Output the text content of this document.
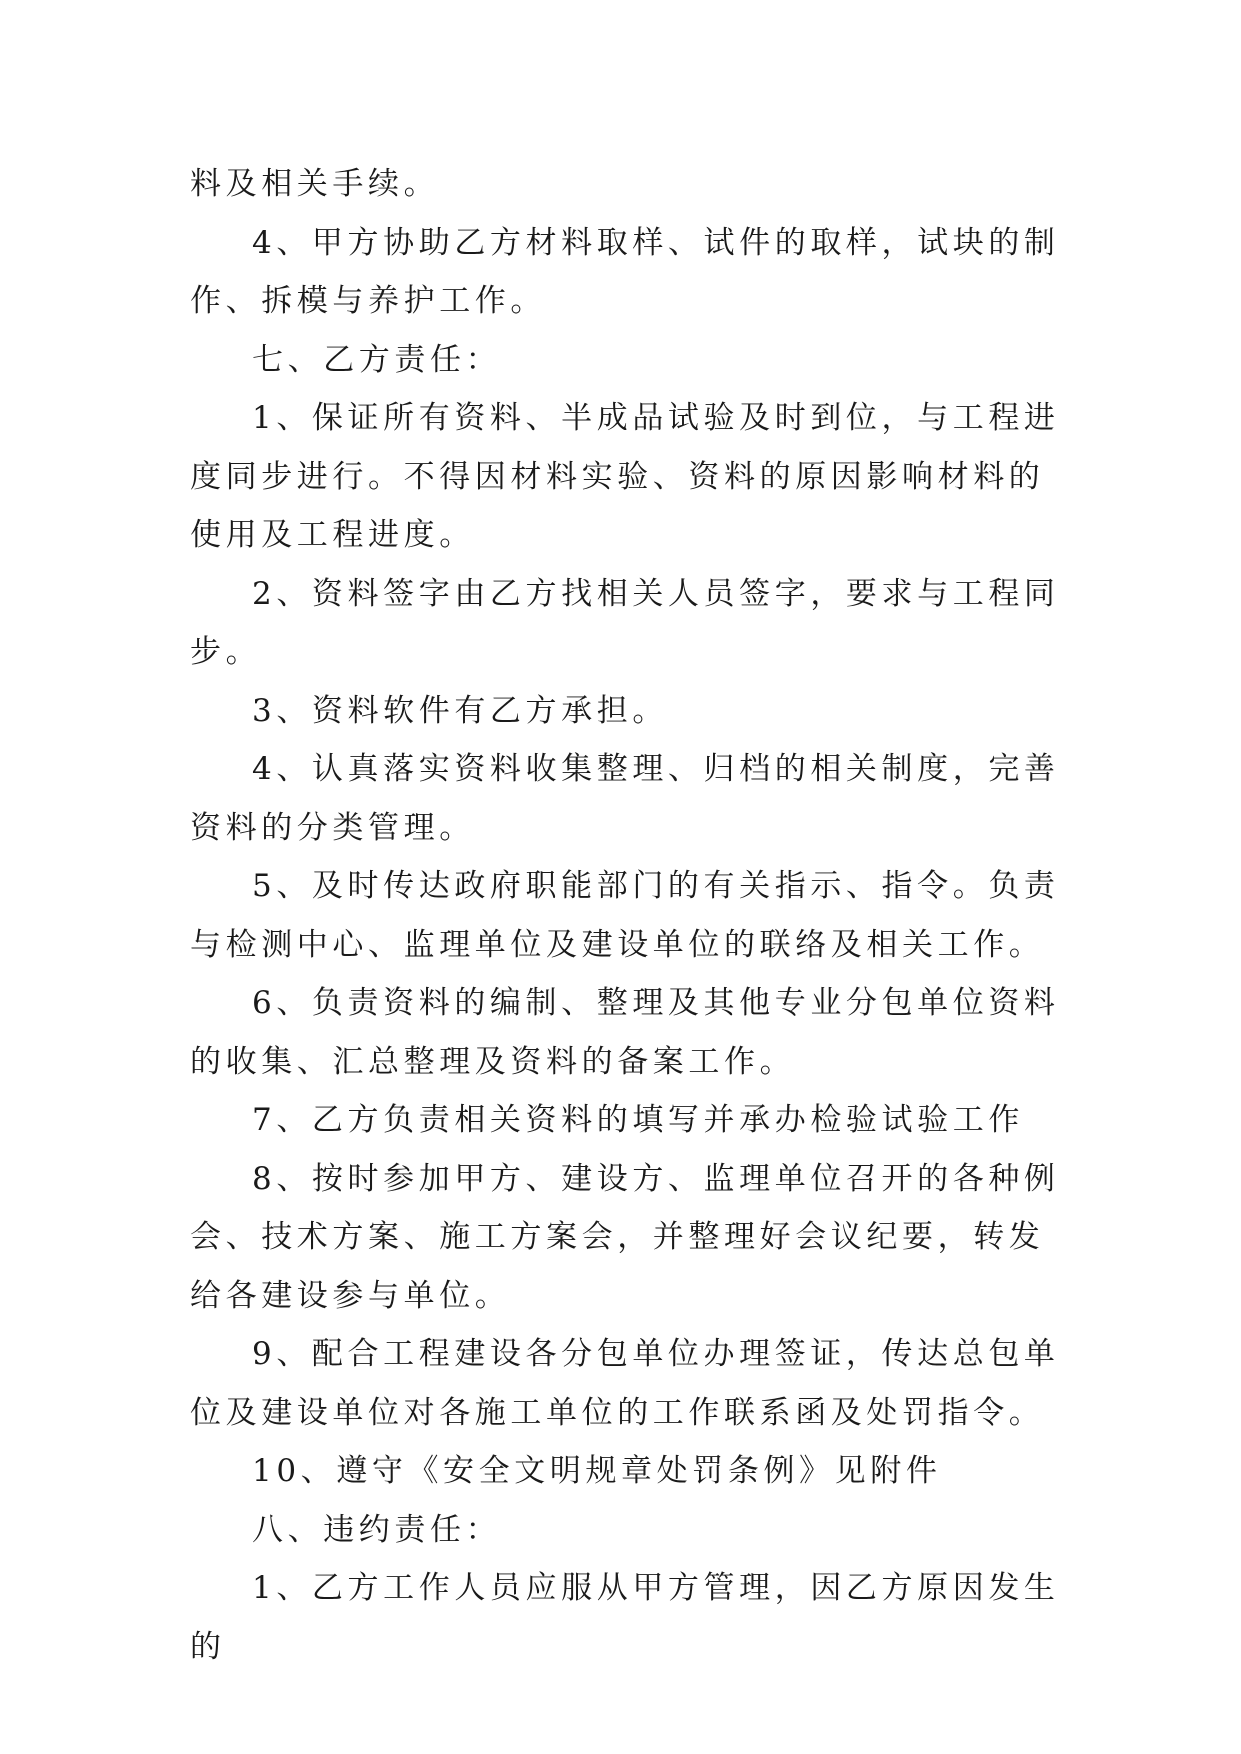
料及相关手续。

4、甲方协助乙方材料取样、试件的取样，试块的制作、拆模与养护工作。

七、乙方责任：

1、保证所有资料、半成品试验及时到位，与工程进度同步进行。不得因材料实验、资料的原因影响材料的使用及工程进度。

2、资料签字由乙方找相关人员签字，要求与工程同步。

3、资料软件有乙方承担。

4、认真落实资料收集整理、归档的相关制度，完善资料的分类管理。

5、及时传达政府职能部门的有关指示、指令。负责与检测中心、监理单位及建设单位的联络及相关工作。

6、负责资料的编制、整理及其他专业分包单位资料的收集、汇总整理及资料的备案工作。

7、乙方负责相关资料的填写并承办检验试验工作

8、按时参加甲方、建设方、监理单位召开的各种例会、技术方案、施工方案会，并整理好会议纪要，转发给各建设参与单位。

9、配合工程建设各分包单位办理签证，传达总包单位及建设单位对各施工单位的工作联系函及处罚指令。

10、遵守《安全文明规章处罚条例》见附件

八、违约责任：

1、乙方工作人员应服从甲方管理，因乙方原因发生的
